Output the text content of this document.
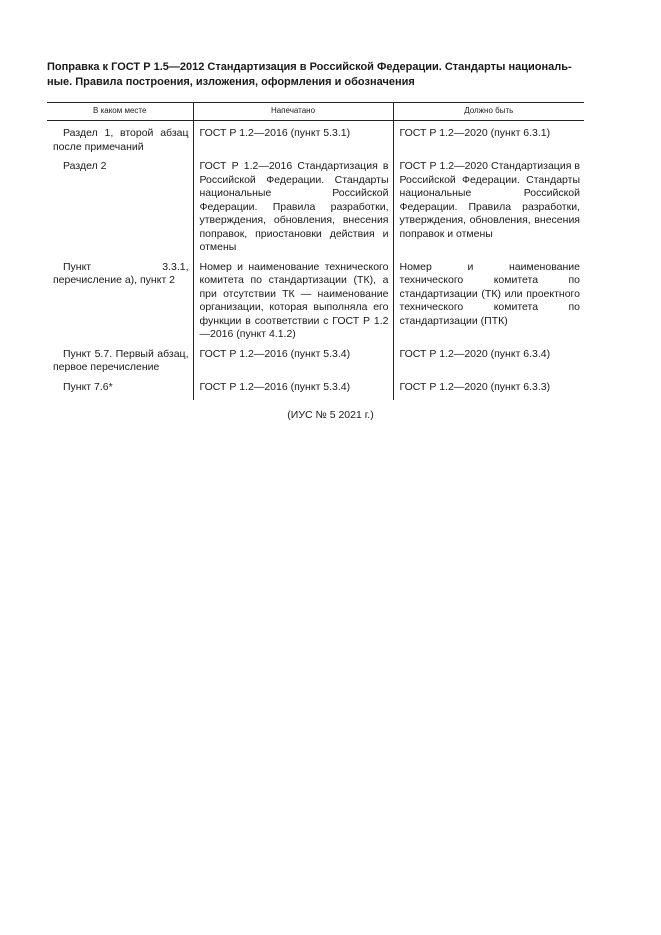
Поправка к ГОСТ Р 1.5—2012 Стандартизация в Российской Федерации. Стандарты националь-ные. Правила построения, изложения, оформления и обозначения
В каком месте	Напечатано	Должно быть
Раздел 1, второй абзац после примечаний	ГОСТ Р 1.2—2016 (пункт 5.3.1)	ГОСТ Р 1.2—2020 (пункт 6.3.1)
Раздел 2	ГОСТ Р 1.2—2016 Стандартизация в Российской Федерации. Стандарты национальные Российской Федерации. Правила разработки, утверждения, обновления, внесения поправок, приостановки действия и отмены	ГОСТ Р 1.2—2020 Стандартизация в Российской Федерации. Стандарты национальные Российской Федерации. Правила разработки, утверждения, обновления, внесения поправок и отмены
Пункт 3.3.1, перечисление а), пункт 2	Номер и наименование технического комитета по стандартизации (ТК), а при отсутствии ТК — наименование организации, которая выполняла его функции в соответствии с ГОСТ Р 1.2—2016 (пункт 4.1.2)	Номер и наименование технического комитета по стандартизации (ТК) или проектного технического комитета по стандартизации (ПТК)
Пункт 5.7. Первый абзац, первое перечисление	ГОСТ Р 1.2—2016 (пункт 5.3.4)	ГОСТ Р 1.2—2020 (пункт 6.3.4)
Пункт 7.6*	ГОСТ Р 1.2—2016 (пункт 5.3.4)	ГОСТ Р 1.2—2020 (пункт 6.3.3)
(ИУС № 5 2021 г.)
